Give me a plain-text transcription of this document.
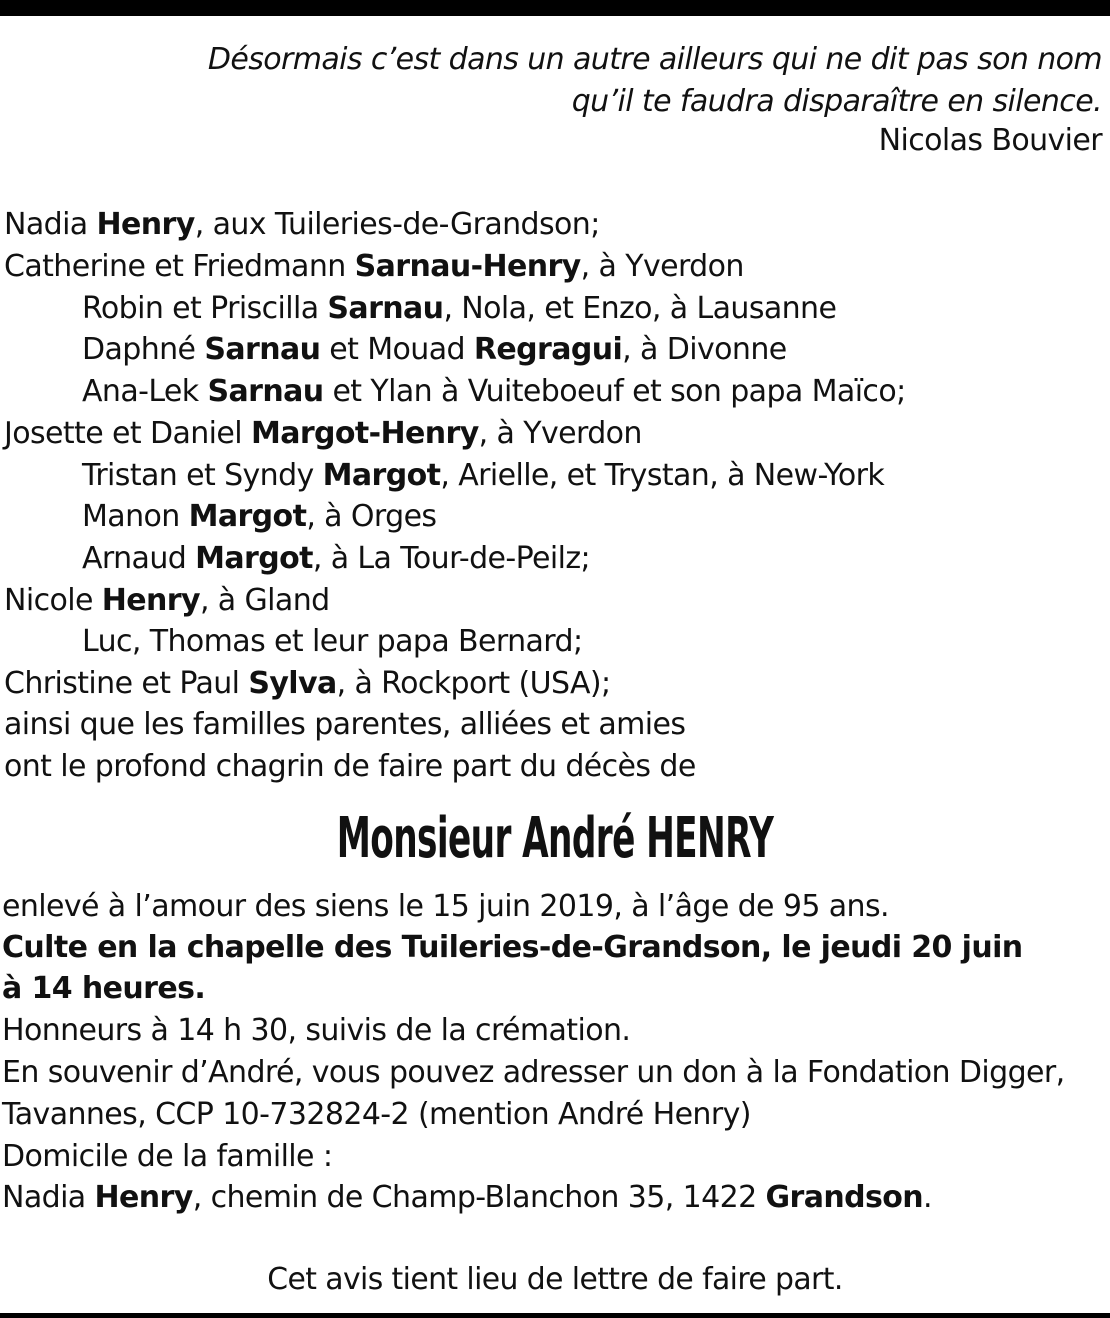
Désormais c’est dans un autre ailleurs qui ne dit pas son nom
qu’il te faudra disparaître en silence.
Nicolas Bouvier
Nadia Henry, aux Tuileries-de-Grandson;
Catherine et Friedmann Sarnau-Henry, à Yverdon
Robin et Priscilla Sarnau, Nola, et Enzo, à Lausanne
Daphné Sarnau et Mouad Regragui, à Divonne
Ana-Lek Sarnau et Ylan à Vuiteboeuf et son papa Maïco;
Josette et Daniel Margot-Henry, à Yverdon
Tristan et Syndy Margot, Arielle, et Trystan, à New-York
Manon Margot, à Orges
Arnaud Margot, à La Tour-de-Peilz;
Nicole Henry, à Gland
Luc, Thomas et leur papa Bernard;
Christine et Paul Sylva, à Rockport (USA);
ainsi que les familles parentes, alliées et amies
ont le profond chagrin de faire part du décès de
Monsieur André HENRY
enlevé à l’amour des siens le 15 juin 2019, à l’âge de 95 ans.
Culte en la chapelle des Tuileries-de-Grandson, le jeudi 20 juin
à 14 heures.
Honneurs à 14 h 30, suivis de la crémation.
En souvenir d’André, vous pouvez adresser un don à la Fondation Digger,
Tavannes, CCP 10-732824-2 (mention André Henry)
Domicile de la famille :
Nadia Henry, chemin de Champ-Blanchon 35, 1422 Grandson.
Cet avis tient lieu de lettre de faire part.
